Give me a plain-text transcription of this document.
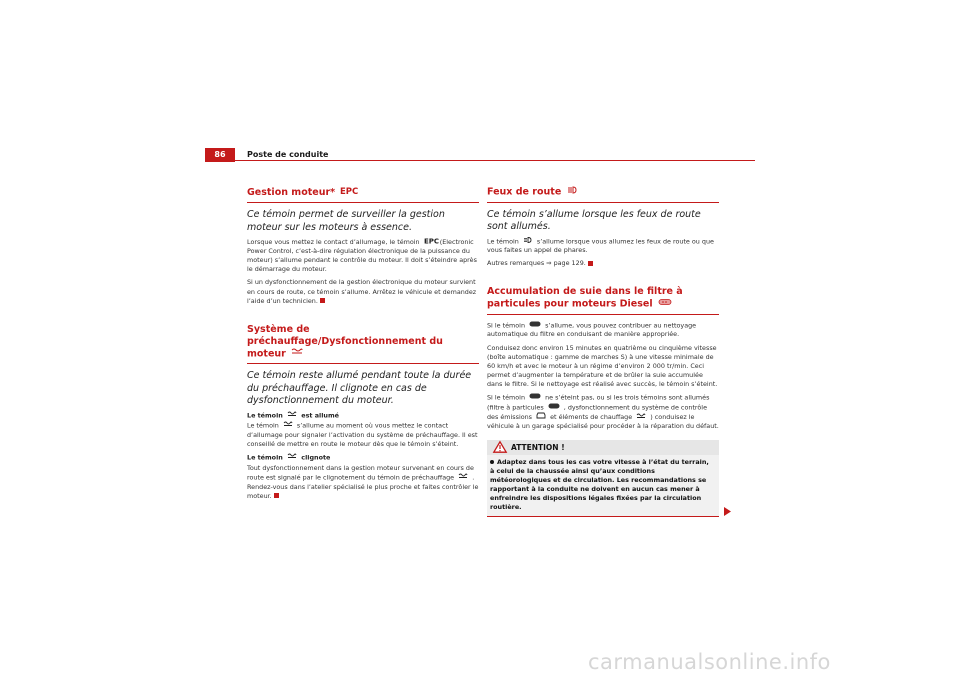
86	Poste de conduite
Gestion moteur* EPC
Ce témoin permet de surveiller la gestion moteur sur les moteurs à essence.

Lorsque vous mettez le contact d’allumage, le témoin EPC (Electronic Power Control, c’est-à-dire régulation électronique de la puissance du moteur) s’allume pendant le contrôle du moteur. Il doit s’éteindre après le démarrage du moteur.

Si un dysfonctionnement de la gestion électronique du moteur survient en cours de route, ce témoin s’allume. Arrêtez le véhicule et demandez l’aide d’un technicien.

Système de préchauffage/Dysfonctionnement du moteur
Ce témoin reste allumé pendant toute la durée du préchauffage. Il clignote en cas de dysfonctionnement du moteur.

Le témoin	est allumé

Le témoin	s’allume au moment où vous mettez le contact d’allumage pour signaler l’activation du système de préchauffage. Il est conseillé de mettre en route le moteur dès que le témoin s’éteint.

Le témoin	clignote

Tout dysfonctionnement dans la gestion moteur survenant en cours de route est signalé par le clignotement du témoin de préchauffage	. Rendez-vous dans l’atelier spécialisé le plus proche et faites contrôler le moteur.

Feux de route
Ce témoin s’allume lorsque les feux de route sont allumés.

Le témoin	s’allume lorsque vous allumez les feux de route ou que vous faites un appel de phares.

Autres remarques ⇒ page 129.

Accumulation de suie dans le filtre à particules pour moteurs Diesel

Si le témoin	s’allume, vous pouvez contribuer au nettoyage automatique du filtre en conduisant de manière appropriée.

Conduisez donc environ 15 minutes en quatrième ou cinquième vitesse (boîte automatique : gamme de marches S) à une vitesse minimale de 60 km/h et avec le moteur à un régime d’environ 2 000 tr/min. Ceci permet d’augmenter la température et de brûler la suie accumulée dans le filtre. Si le nettoyage est réalisé avec succès, le témoin s’éteint.

Si le témoin	ne s’éteint pas, ou si les trois témoins sont allumés (filtre à particules	, dysfonctionnement du système de contrôle des émissions	et éléments de chauffage	) conduisez le véhicule à un garage spécialisé pour procéder à la réparation du défaut.

ATTENTION !
Adaptez dans tous les cas votre vitesse à l’état du terrain, à celui de la chaussée ainsi qu’aux conditions météorologiques et de circulation. Les recommandations se rapportant à la conduite ne doivent en aucun cas mener à enfreindre les dispositions légales fixées par la circulation routière.
carmanualsonline.info
